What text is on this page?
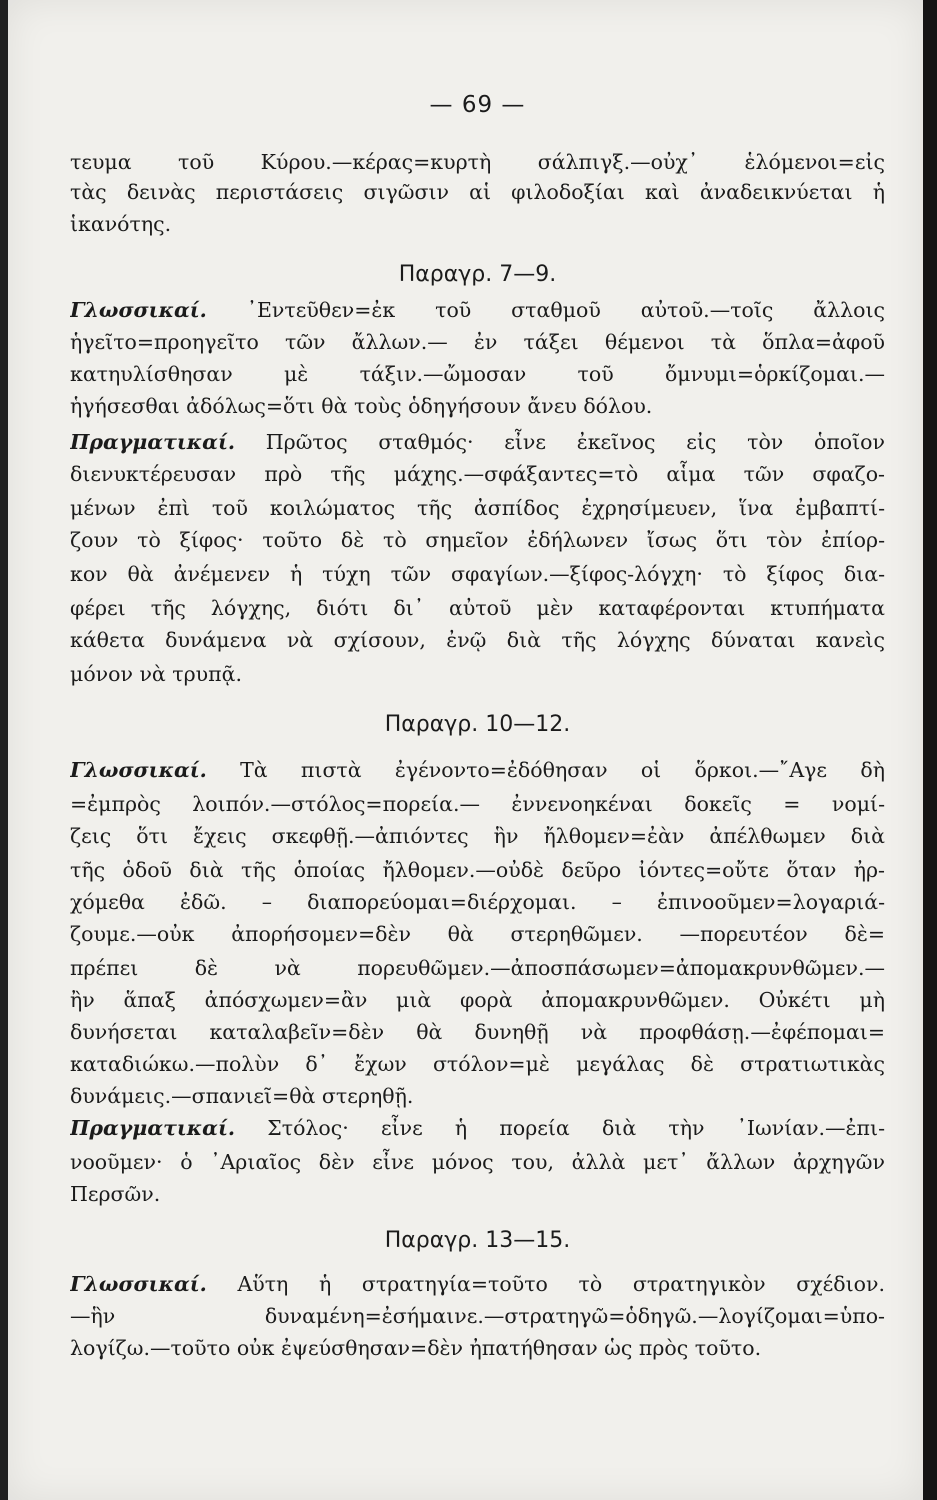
— 69 —
τευμα τοῦ Κύρου.—κέρας=κυρτὴ σάλπιγξ.—οὐχ᾿ ἑλόμενοι=εἰς
τὰς δεινὰς περιστάσεις σιγῶσιν αἱ φιλοδοξίαι καὶ ἀναδεικνύεται ἡ
ἱκανότης.
Παραγρ. 7—9.
Γλωσσικαί. ᾿Εντεῦθεν=ἐκ τοῦ σταθμοῦ αὐτοῦ.—τοῖς ἄλλοις
ἡγεῖτο=προηγεῖτο τῶν ἄλλων.— ἐν τάξει θέμενοι τὰ ὅπλα=ἀφοῦ
κατηυλίσθησαν μὲ τάξιν.—ὤμοσαν τοῦ ὄμνυμι=ὁρκίζομαι.—
ἡγήσεσθαι ἀδόλως=ὅτι θὰ τοὺς ὁδηγήσουν ἄνευ δόλου.
Πραγματικαί. Πρῶτος σταθμός· εἶνε ἐκεῖνος εἰς τὸν ὁποῖον
διενυκτέρευσαν πρὸ τῆς μάχης.—σφάξαντες=τὸ αἷμα τῶν σφαζο-
μένων ἐπὶ τοῦ κοιλώματος τῆς ἀσπίδος ἐχρησίμευεν, ἵνα ἐμβαπτί-
ζουν τὸ ξίφος· τοῦτο δὲ τὸ σημεῖον ἐδήλωνεν ἴσως ὅτι τὸν ἐπίορ-
κον θὰ ἀνέμενεν ἡ τύχη τῶν σφαγίων.—ξίφος-λόγχη· τὸ ξίφος δια-
φέρει τῆς λόγχης, διότι δι᾿ αὐτοῦ μὲν καταφέρονται κτυπήματα
κάθετα δυνάμενα νὰ σχίσουν, ἐνῷ διὰ τῆς λόγχης δύναται κανεὶς
μόνον νὰ τρυπᾷ.
Παραγρ. 10—12.
Γλωσσικαί. Τὰ πιστὰ ἐγένοντο=ἐδόθησαν οἱ ὅρκοι.—῎Αγε δὴ
=ἐμπρὸς λοιπόν.—στόλος=πορεία.— ἐννενοηκέναι δοκεῖς = νομί-
ζεις ὅτι ἔχεις σκεφθῇ.—ἀπιόντες ἣν ἤλθομεν=ἐὰν ἀπέλθωμεν διὰ
τῆς ὁδοῦ διὰ τῆς ὁποίας ἤλθομεν.—οὐδὲ δεῦρο ἰόντες=οὔτε ὅταν ἠρ-
χόμεθα ἐδῶ. – διαπορεύομαι=διέρχομαι. – ἐπινοοῦμεν=λογαριά-
ζουμε.—οὐκ ἀπορήσομεν=δὲν θὰ στερηθῶμεν. —πορευτέον δὲ=
πρέπει δὲ νὰ πορευθῶμεν.—ἀποσπάσωμεν=ἀπομακρυνθῶμεν.—
ἢν ἅπαξ ἀπόσχωμεν=ἂν μιὰ φορὰ ἀπομακρυνθῶμεν. Οὐκέτι μὴ
δυνήσεται καταλαβεῖν=δὲν θὰ δυνηθῇ νὰ προφθάσῃ.—ἐφέπομαι=
καταδιώκω.—πολὺν δ᾿ ἔχων στόλον=μὲ μεγάλας δὲ στρατιωτικὰς
δυνάμεις.—σπανιεῖ=θὰ στερηθῇ.
Πραγματικαί. Στόλος· εἶνε ἡ πορεία διὰ τὴν ᾿Ιωνίαν.—ἐπι-
νοοῦμεν· ὁ ᾿Αριαῖος δὲν εἶνε μόνος του, ἀλλὰ μετ᾿ ἄλλων ἀρχηγῶν
Περσῶν.
Παραγρ. 13—15.
Γλωσσικαί. Αὕτη ἡ στρατηγία=τοῦτο τὸ στρατηγικὸν σχέδιον.
—ἣν δυναμένη=ἐσήμαινε.—στρατηγῶ=ὁδηγῶ.—λογίζομαι=ὑπο-
λογίζω.—τοῦτο οὐκ ἐψεύσθησαν=δὲν ἠπατήθησαν ὡς πρὸς τοῦτο.
